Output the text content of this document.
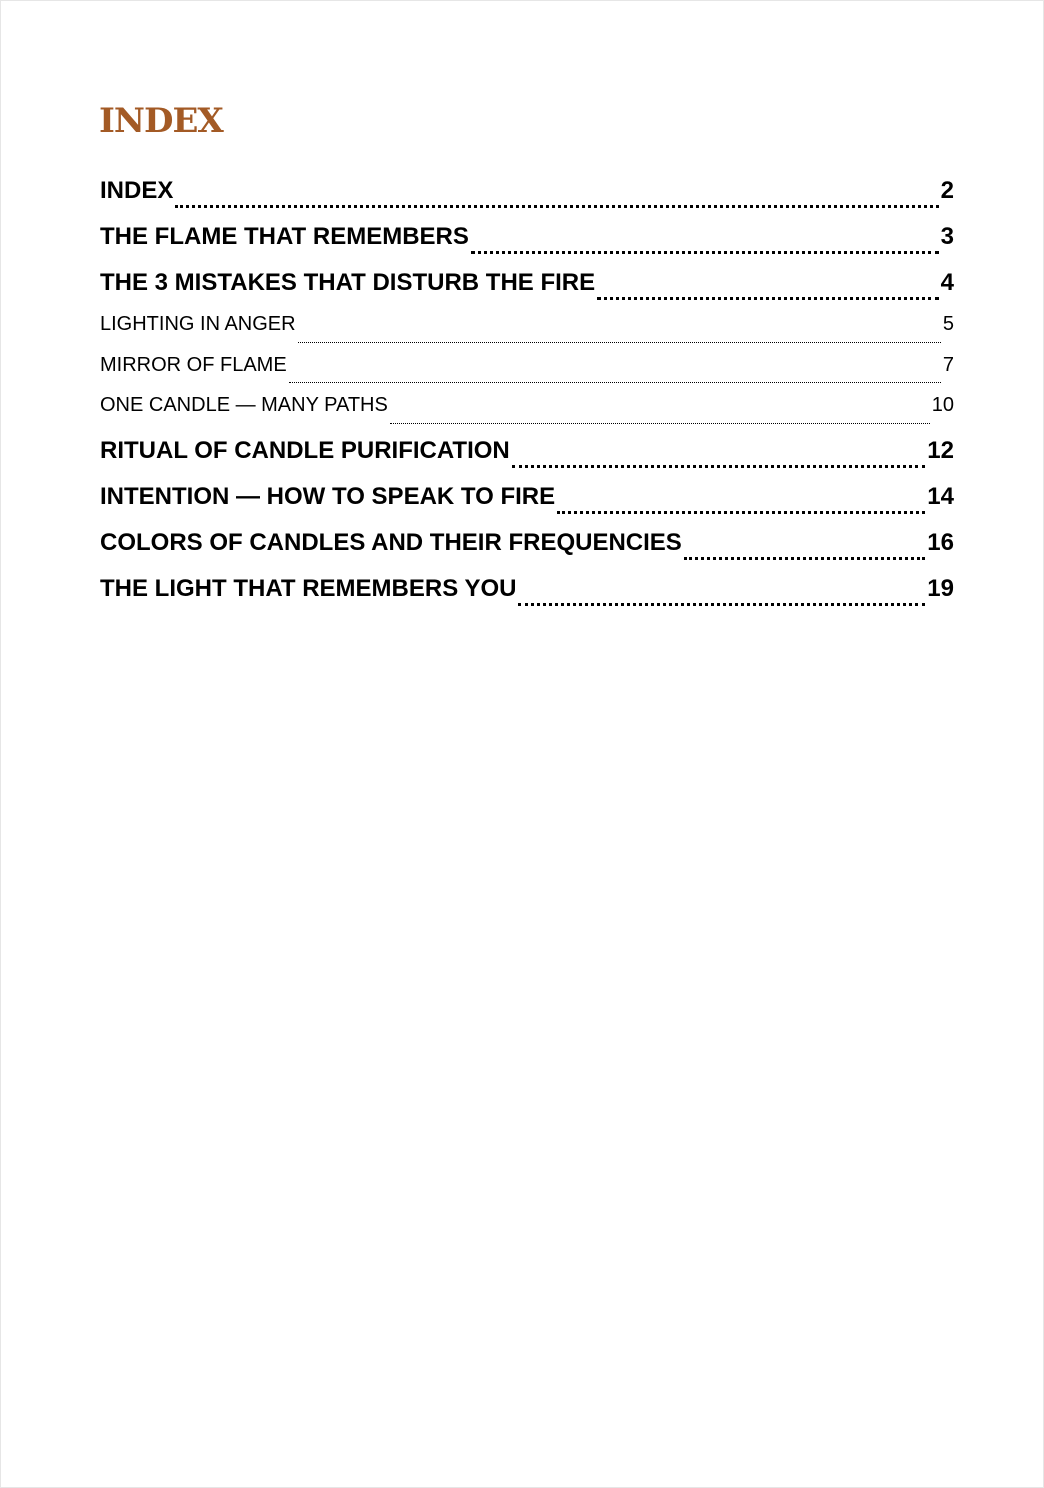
INDEX
INDEX	2
THE FLAME THAT REMEMBERS	3
THE 3 MISTAKES THAT DISTURB THE FIRE	4
LIGHTING IN ANGER	5
MIRROR OF FLAME	7
ONE CANDLE — MANY PATHS	10
RITUAL OF CANDLE PURIFICATION	12
INTENTION — HOW TO SPEAK TO FIRE	14
COLORS OF CANDLES AND THEIR FREQUENCIES	16
THE LIGHT THAT REMEMBERS YOU	19
